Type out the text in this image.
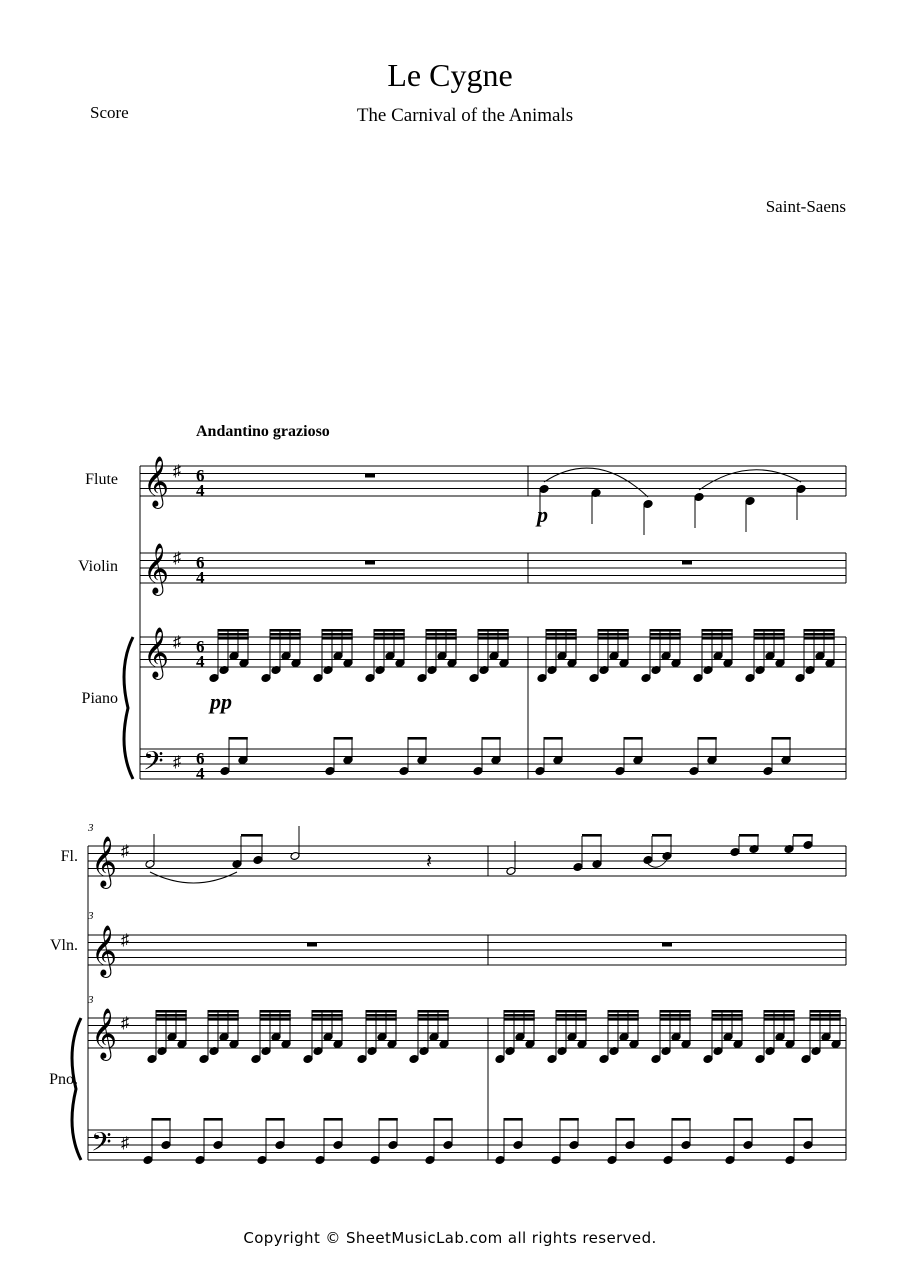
Le Cygne
The Carnival of the Animals
Score
Saint-Saens
Andantino grazioso
Flute
Violin
Piano
Fl.
Vln.
Pno.
𝄞 ♯ 6
4
𝄞 ♯ 6
4
𝄞 ♯ 6
4
𝄢 ♯ 6
4
𝄞 ♯
𝄞 ♯
𝄞 ♯
𝄢 ♯
𝄽
p
pp
3
3
3
Copyright © SheetMusicLab.com all rights reserved.
